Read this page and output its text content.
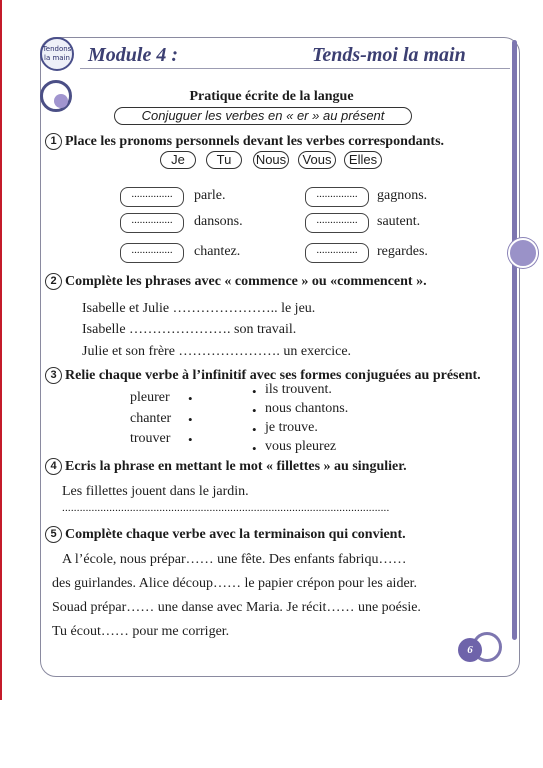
Tendons la main Module 4 :	Tends-moi la main
Pratique écrite de la langue
Conjuguer les verbes en « er » au présent
1 Place les pronoms personnels devant les verbes correspondants.
Je	Tu	Nous	Vous	Elles
...............	parle.	...............	gagnons.
...............	dansons.	...............	sautent.
...............	chantez.	...............	regardes.
2 Complète les phrases avec « commence » ou «commencent ».
Isabelle et Julie ………………….. le jeu.
Isabelle …………………. son travail.
Julie et son frère …………………. un exercice.
3 Relie chaque verbe à l’infinitif avec ses formes conjuguées au présent.
pleurer •
chanter •
trouver •
• ils trouvent.
• nous chantons.
• je trouve.
• vous pleurez
4 Ecris la phrase en mettant le mot « fillettes » au singulier.
Les fillettes jouent dans le jardin.
...............................................................................................................
5 Complète chaque verbe avec la terminaison qui convient.
A l’école, nous prépar…… une fête. Des enfants fabriqu……
des guirlandes. Alice découp…… le papier crépon pour les aider.
Souad prépar…… une danse avec Maria. Je récit…… une poésie.
Tu écout…… pour me corriger.
6
